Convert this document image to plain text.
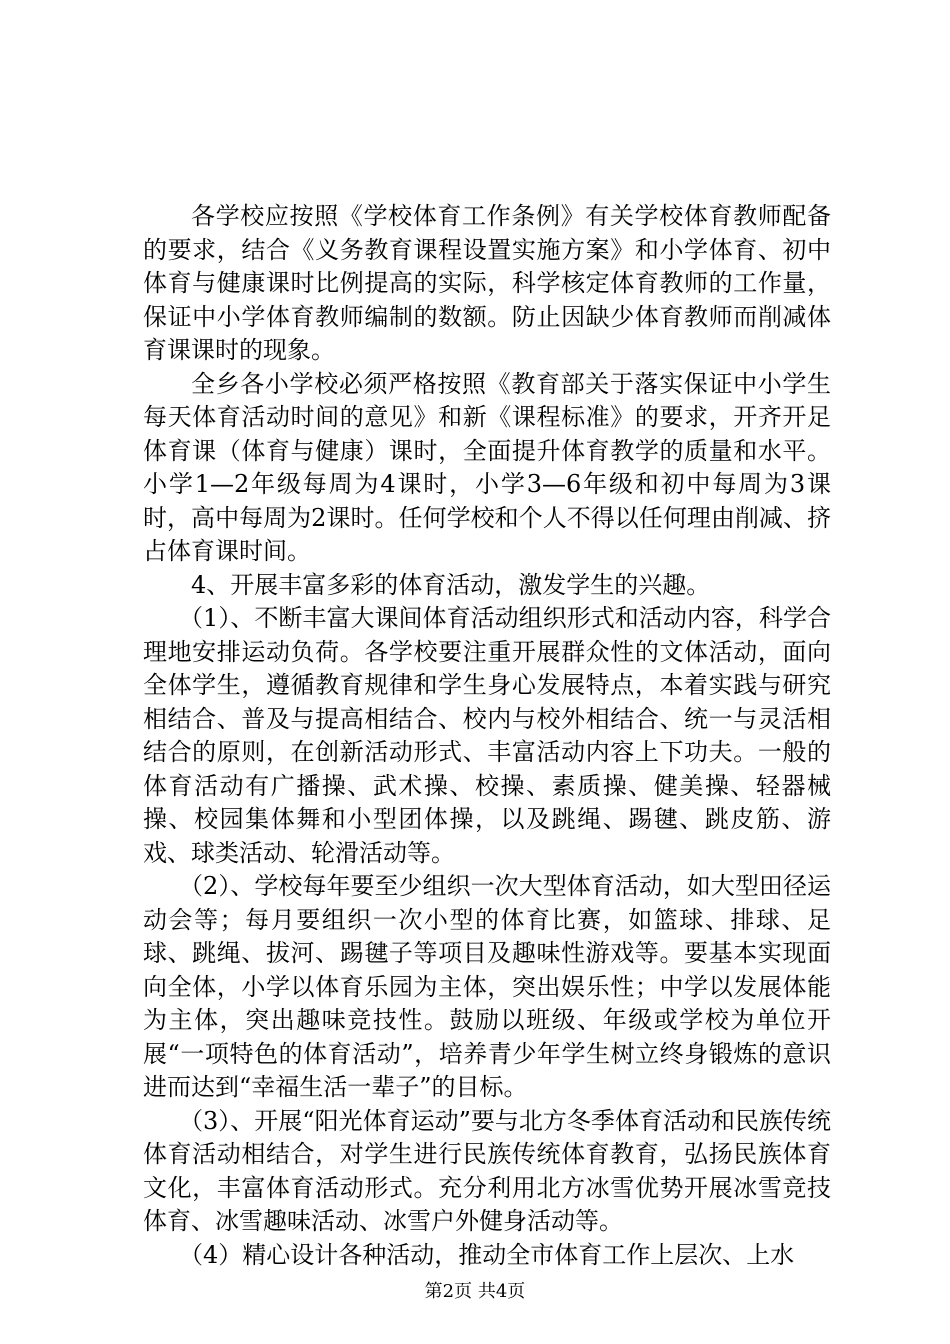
各学校应按照《学校体育工作条例》有关学校体育教师配备的要求，结合《义务教育课程设置实施方案》和小学体育、初中体育与健康课时比例提高的实际，科学核定体育教师的工作量，保证中小学体育教师编制的数额。防止因缺少体育教师而削减体育课课时的现象。

全乡各小学校必须严格按照《教育部关于落实保证中小学生每天体育活动时间的意见》和新《课程标准》的要求，开齐开足体育课（体育与健康）课时，全面提升体育教学的质量和水平。小学1—2年级每周为4课时，小学3—6年级和初中每周为3课时，高中每周为2课时。任何学校和个人不得以任何理由削减、挤占体育课时间。

4、开展丰富多彩的体育活动，激发学生的兴趣。

（1）、不断丰富大课间体育活动组织形式和活动内容，科学合理地安排运动负荷。各学校要注重开展群众性的文体活动，面向全体学生，遵循教育规律和学生身心发展特点，本着实践与研究相结合、普及与提高相结合、校内与校外相结合、统一与灵活相结合的原则，在创新活动形式、丰富活动内容上下功夫。一般的体育活动有广播操、武术操、校操、素质操、健美操、轻器械操、校园集体舞和小型团体操，以及跳绳、踢毽、跳皮筋、游戏、球类活动、轮滑活动等。

（2）、学校每年要至少组织一次大型体育活动，如大型田径运动会等；每月要组织一次小型的体育比赛，如篮球、排球、足球、跳绳、拔河、踢毽子等项目及趣味性游戏等。要基本实现面向全体，小学以体育乐园为主体，突出娱乐性；中学以发展体能为主体，突出趣味竞技性。鼓励以班级、年级或学校为单位开展“一项特色的体育活动”，培养青少年学生树立终身锻炼的意识进而达到“幸福生活一辈子”的目标。

（3）、开展“阳光体育运动”要与北方冬季体育活动和民族传统体育活动相结合，对学生进行民族传统体育教育，弘扬民族体育文化，丰富体育活动形式。充分利用北方冰雪优势开展冰雪竞技体育、冰雪趣味活动、冰雪户外健身活动等。

（4）精心设计各种活动，推动全市体育工作上层次、上水

第2页 共4页
